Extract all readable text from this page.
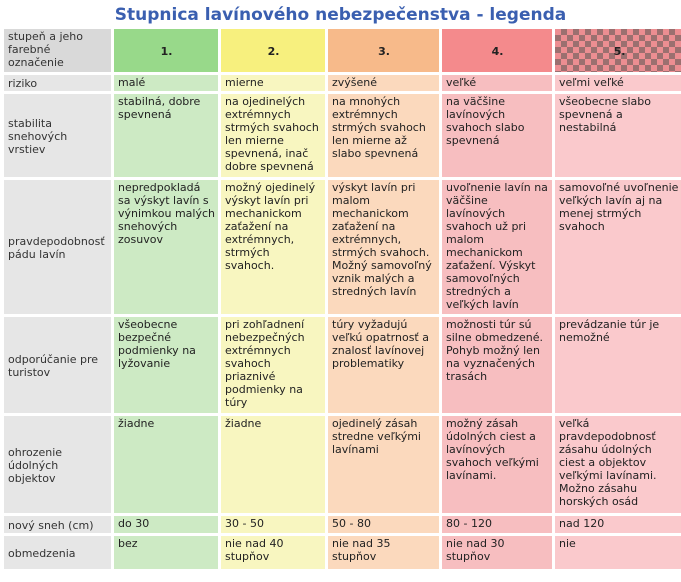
Stupnica lavínového nebezpečenstva - legenda
stupeň a jeho farebné označenie	1.	2.	3.	4.	5.
riziko	malé	mierne	zvýšené	veľké	veľmi veľké
stabilita snehových vrstiev	stabilná, dobre spevnená	na ojedinelých extrémnych strmých svahoch len mierne spevnená, inač dobre spevnená	na mnohých extrémnych strmých svahoch len mierne až slabo spevnená	na väčšine lavínových svahoch slabo spevnená	všeobecne slabo spevnená a nestabilná
pravdepodobnosť pádu lavín	nepredpokladá sa výskyt lavín s výnimkou malých snehových zosuvov	možný ojedinelý výskyt lavín pri mechanickom zaťažení na extrémnych, strmých svahoch.	výskyt lavín pri malom mechanickom zaťažení na extrémnych, strmých svahoch. Možný samovoľný vznik malých a stredných lavín	uvoľnenie lavín na väčšine lavínových svahoch už pri malom mechanickom zaťažení. Výskyt samovoľných stredných a veľkých lavín	samovoľné uvoľnenie veľkých lavín aj na menej strmých svahoch
odporúčanie pre turistov	všeobecne bezpečné podmienky na lyžovanie	pri zohľadnení nebezpečných extrémnych svahoch priaznivé podmienky na túry	túry vyžadujú veľkú opatrnosť a znalosť lavínovej problematiky	možnosti túr sú silne obmedzené. Pohyb možný len na vyznačených trasách	prevádzanie túr je nemožné
ohrozenie údolných objektov	žiadne	žiadne	ojedinelý zásah stredne veľkými lavínami	možný zásah údolných ciest a lavínových svahoch veľkými lavínami.	veľká pravdepodobnosť zásahu údolných ciest a objektov veľkými lavínami. Možno zásahu horských osád
nový sneh (cm)	do 30	30 - 50	50 - 80	80 - 120	nad 120
obmedzenia	bez	nie nad 40 stupňov	nie nad 35 stupňov	nie nad 30 stupňov	nie
